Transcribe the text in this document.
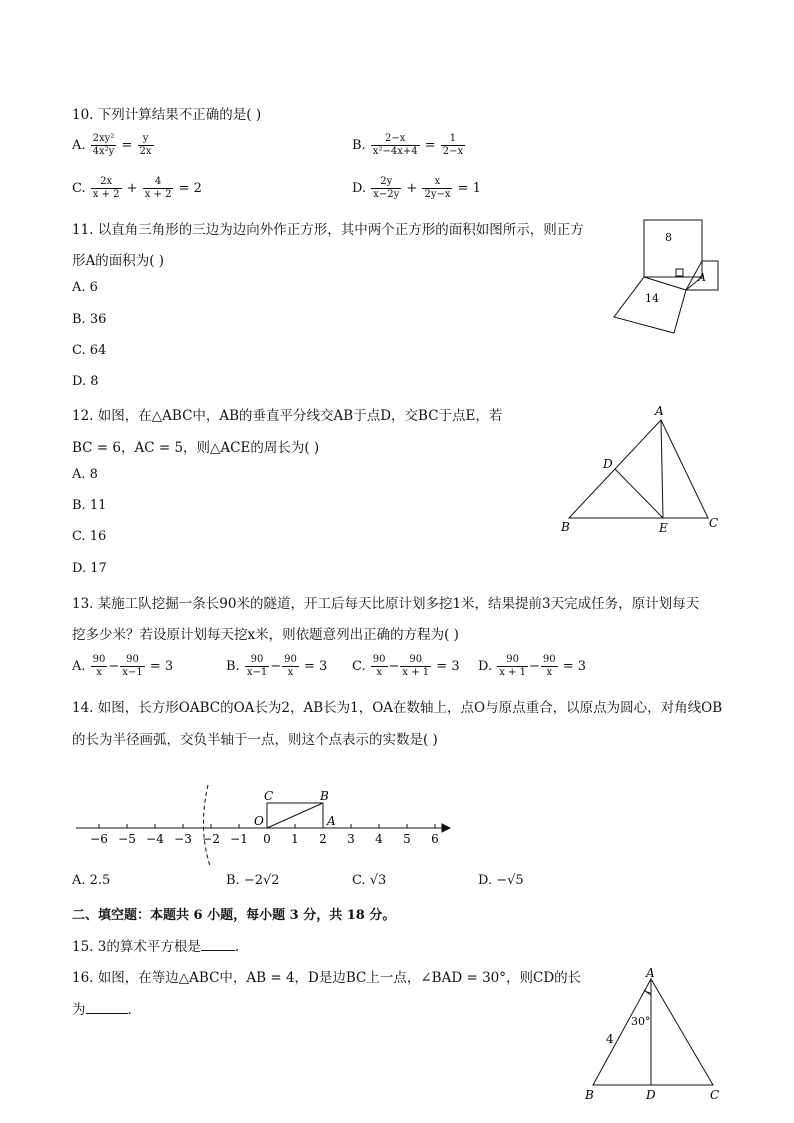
10. 下列计算结果不正确的是( )
A. $\frac{\text{2xy²}}{\text{4x²y}} = \frac{y}{2x}$	B. $\frac{2-x}{\text{x²−4x+4}} = \frac{1}{2-x}$
C. $\frac{2x}{x + 2} + \frac{4}{x + 2} = 2$	D. $\frac{2y}{x-2y} + \frac{x}{2y-x} = 1$
11. 以直角三角形的三边为边向外作正方形，其中两个正方形的面积如图所示，则正方
形A的面积为( )
A. 6
B. 36
C. 64
D. 8
8
14
A
12. 如图，在△ABC中，AB的垂直平分线交AB于点D，交BC于点E，若
BC = 6，AC = 5，则△ACE的周长为( )
A. 8
B. 11
C. 16
D. 17
A
B	C
D
E
13. 某施工队挖掘一条长90米的隧道，开工后每天比原计划多挖1米，结果提前3天完成任务，原计划每天
挖多少米？若设原计划每天挖x米，则依题意列出正确的方程为( )
A. $\frac{90}{x} - \frac{90}{x-1} = 3$	B. $\frac{90}{x-1} - \frac{90}{x} = 3$ C. $\frac{90}{x} - \frac{90}{x + 1} = 3$ D. $\frac{90}{x + 1} - \frac{90}{x} = 3$
14. 如图，长方形OABC的OA长为2，AB长为1，OA在数轴上，点O与原点重合，以原点为圆心，对角线OB
的长为半径画弧，交负半轴于一点，则这个点表示的实数是( )
−6 −5 −4 −3 −2 −1 0 1 2 3 4 5 6
C	B
O	A
A. 2.5	B. −2√2	C. √3	D. −√5
二、填空题：本题共 6 小题，每小题 3 分，共 18 分。
15. 3的算术平方根是	.
16. 如图，在等边△ABC中，AB = 4，D是边BC上一点，∠BAD = 30°，则CD的长
为	.
A
B	C
D
4
30°
